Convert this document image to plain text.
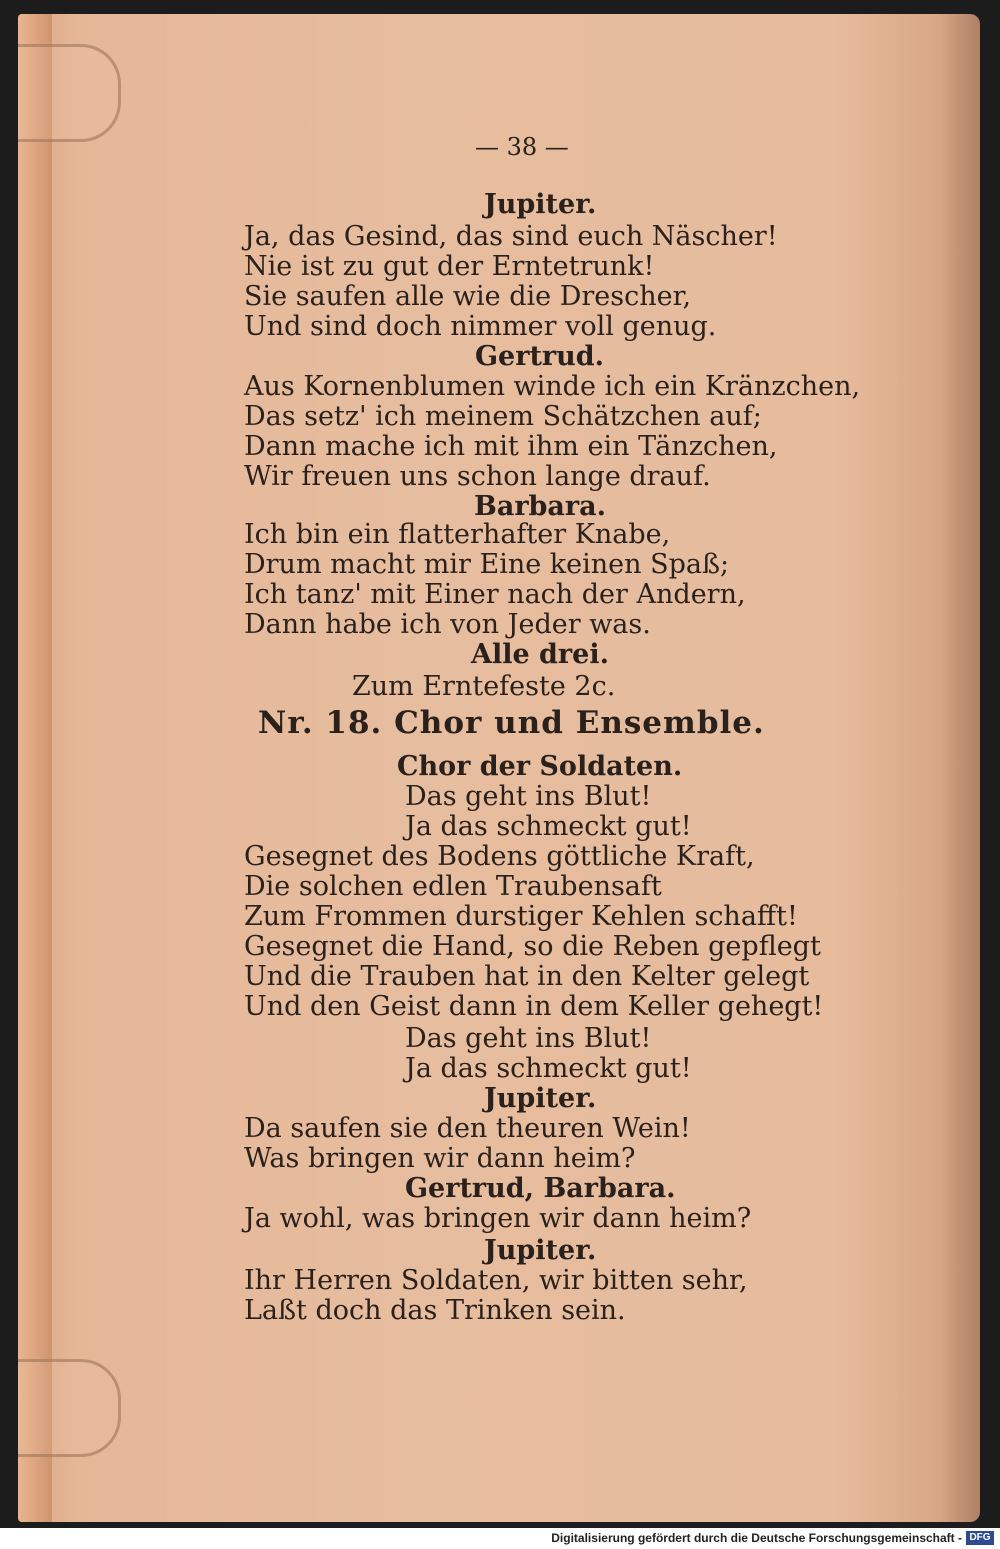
— 38 —
Jupiter.
Ja, das Gesind, das sind euch Näscher!
Nie ist zu gut der Erntetrunk!
Sie saufen alle wie die Drescher,
Und sind doch nimmer voll genug.
Gertrud.
Aus Kornenblumen winde ich ein Kränzchen,
Das setz' ich meinem Schätzchen auf;
Dann mache ich mit ihm ein Tänzchen,
Wir freuen uns schon lange drauf.
Barbara.
Ich bin ein flatterhafter Knabe,
Drum macht mir Eine keinen Spaß;
Ich tanz' mit Einer nach der Andern,
Dann habe ich von Jeder was.
Alle drei.
Zum Erntefeste 2c.
Nr. 18. Chor und Ensemble.
Chor der Soldaten.
Das geht ins Blut!
Ja das schmeckt gut!
Gesegnet des Bodens göttliche Kraft,
Die solchen edlen Traubensaft
Zum Frommen durstiger Kehlen schafft!
Gesegnet die Hand, so die Reben gepflegt
Und die Trauben hat in den Kelter gelegt
Und den Geist dann in dem Keller gehegt!
Das geht ins Blut!
Ja das schmeckt gut!
Jupiter.
Da saufen sie den theuren Wein!
Was bringen wir dann heim?
Gertrud, Barbara.
Ja wohl, was bringen wir dann heim?
Jupiter.
Ihr Herren Soldaten, wir bitten sehr,
Laßt doch das Trinken sein.
Digitalisierung gefördert durch die Deutsche Forschungsgemeinschaft - DFG
